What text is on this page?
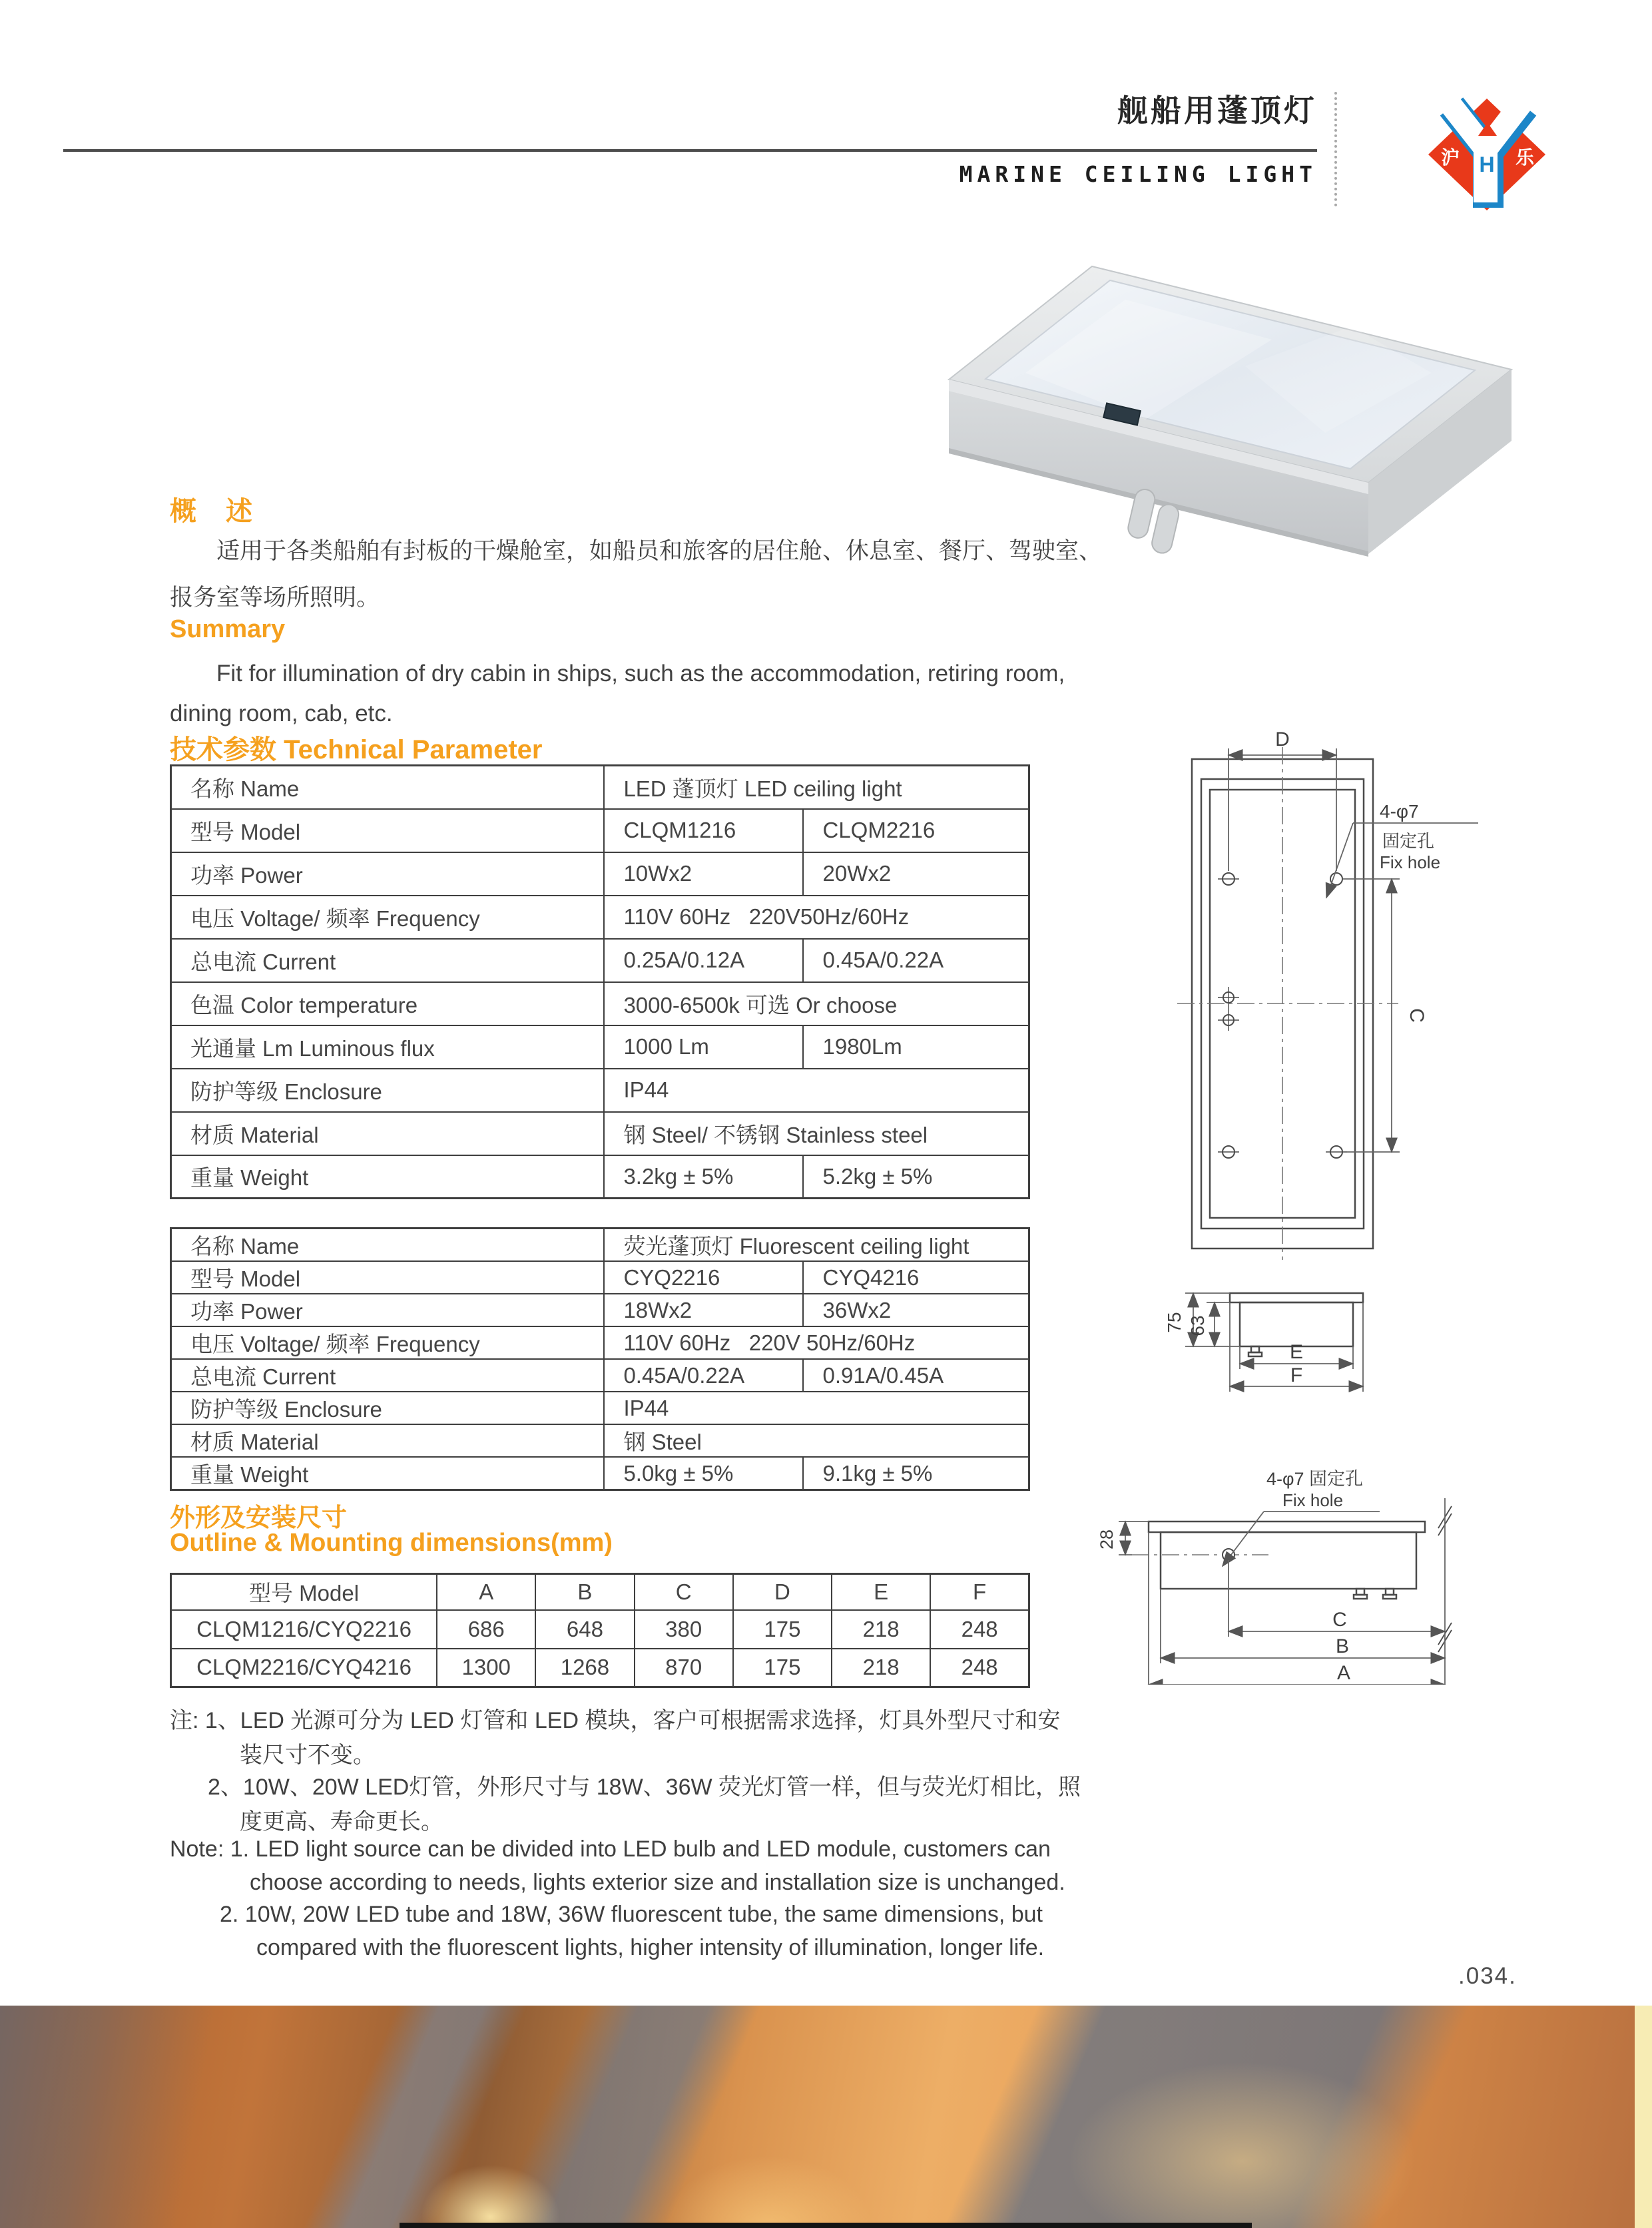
舰船用蓬顶灯
MARINE CEILING LIGHT
沪 H 乐
概　述
适用于各类船舶有封板的干燥舱室，如船员和旅客的居住舱、休息室、餐厅、驾驶室、
报务室等场所照明。
Summary
Fit for illumination of dry cabin in ships, such as the accommodation, retiring room,
dining room, cab, etc.
技术参数 Technical Parameter
名称 Name	LED 蓬顶灯 LED ceiling light	
型号 Model	CLQM1216	CLQM2216
功率 Power	10Wx2	20Wx2
电压 Voltage/ 频率 Frequency	110V 60Hz   220V50Hz/60Hz	
总电流 Current	0.25A/0.12A	0.45A/0.22A
色温 Color temperature	3000-6500k 可选 Or choose	
光通量 Lm Luminous flux	1000 Lm	1980Lm
防护等级 Enclosure	IP44	
材质 Material	钢 Steel/ 不锈钢 Stainless steel	
重量 Weight	3.2kg ± 5%	5.2kg ± 5%
名称 Name	荧光蓬顶灯 Fluorescent ceiling light	
型号 Model	CYQ2216	CYQ4216
功率 Power	18Wx2	36Wx2
电压 Voltage/ 频率 Frequency	110V 60Hz   220V 50Hz/60Hz	
总电流 Current	0.45A/0.22A	0.91A/0.45A
防护等级 Enclosure	IP44	
材质 Material	钢 Steel	
重量 Weight	5.0kg ± 5%	9.1kg ± 5%
外形及安装尺寸
Outline & Mounting dimensions(mm)
型号 Model	A	B	C	D	E	F
CLQM1216/CYQ2216	686	648	380	175	218	248
CLQM2216/CYQ4216	1300	1268	870	175	218	248
注: 1、LED 光源可分为 LED 灯管和 LED 模块，客户可根据需求选择，灯具外型尺寸和安
装尺寸不变。
2、10W、20W LED灯管，外形尺寸与 18W、36W 荧光灯管一样，但与荧光灯相比，照
度更高、寿命更长。
Note: 1. LED light source can be divided into LED bulb and LED module, customers can
choose according to needs, lights exterior size and installation size is unchanged.
2. 10W, 20W LED tube and 18W, 36W fluorescent tube, the same dimensions, but
compared with the fluorescent lights, higher intensity of illumination, longer life.
.034.
D
C
4-φ7
固定孔
Fix hole
75 63
E
F
4-φ7 固定孔
Fix hole
28
C
B
A
